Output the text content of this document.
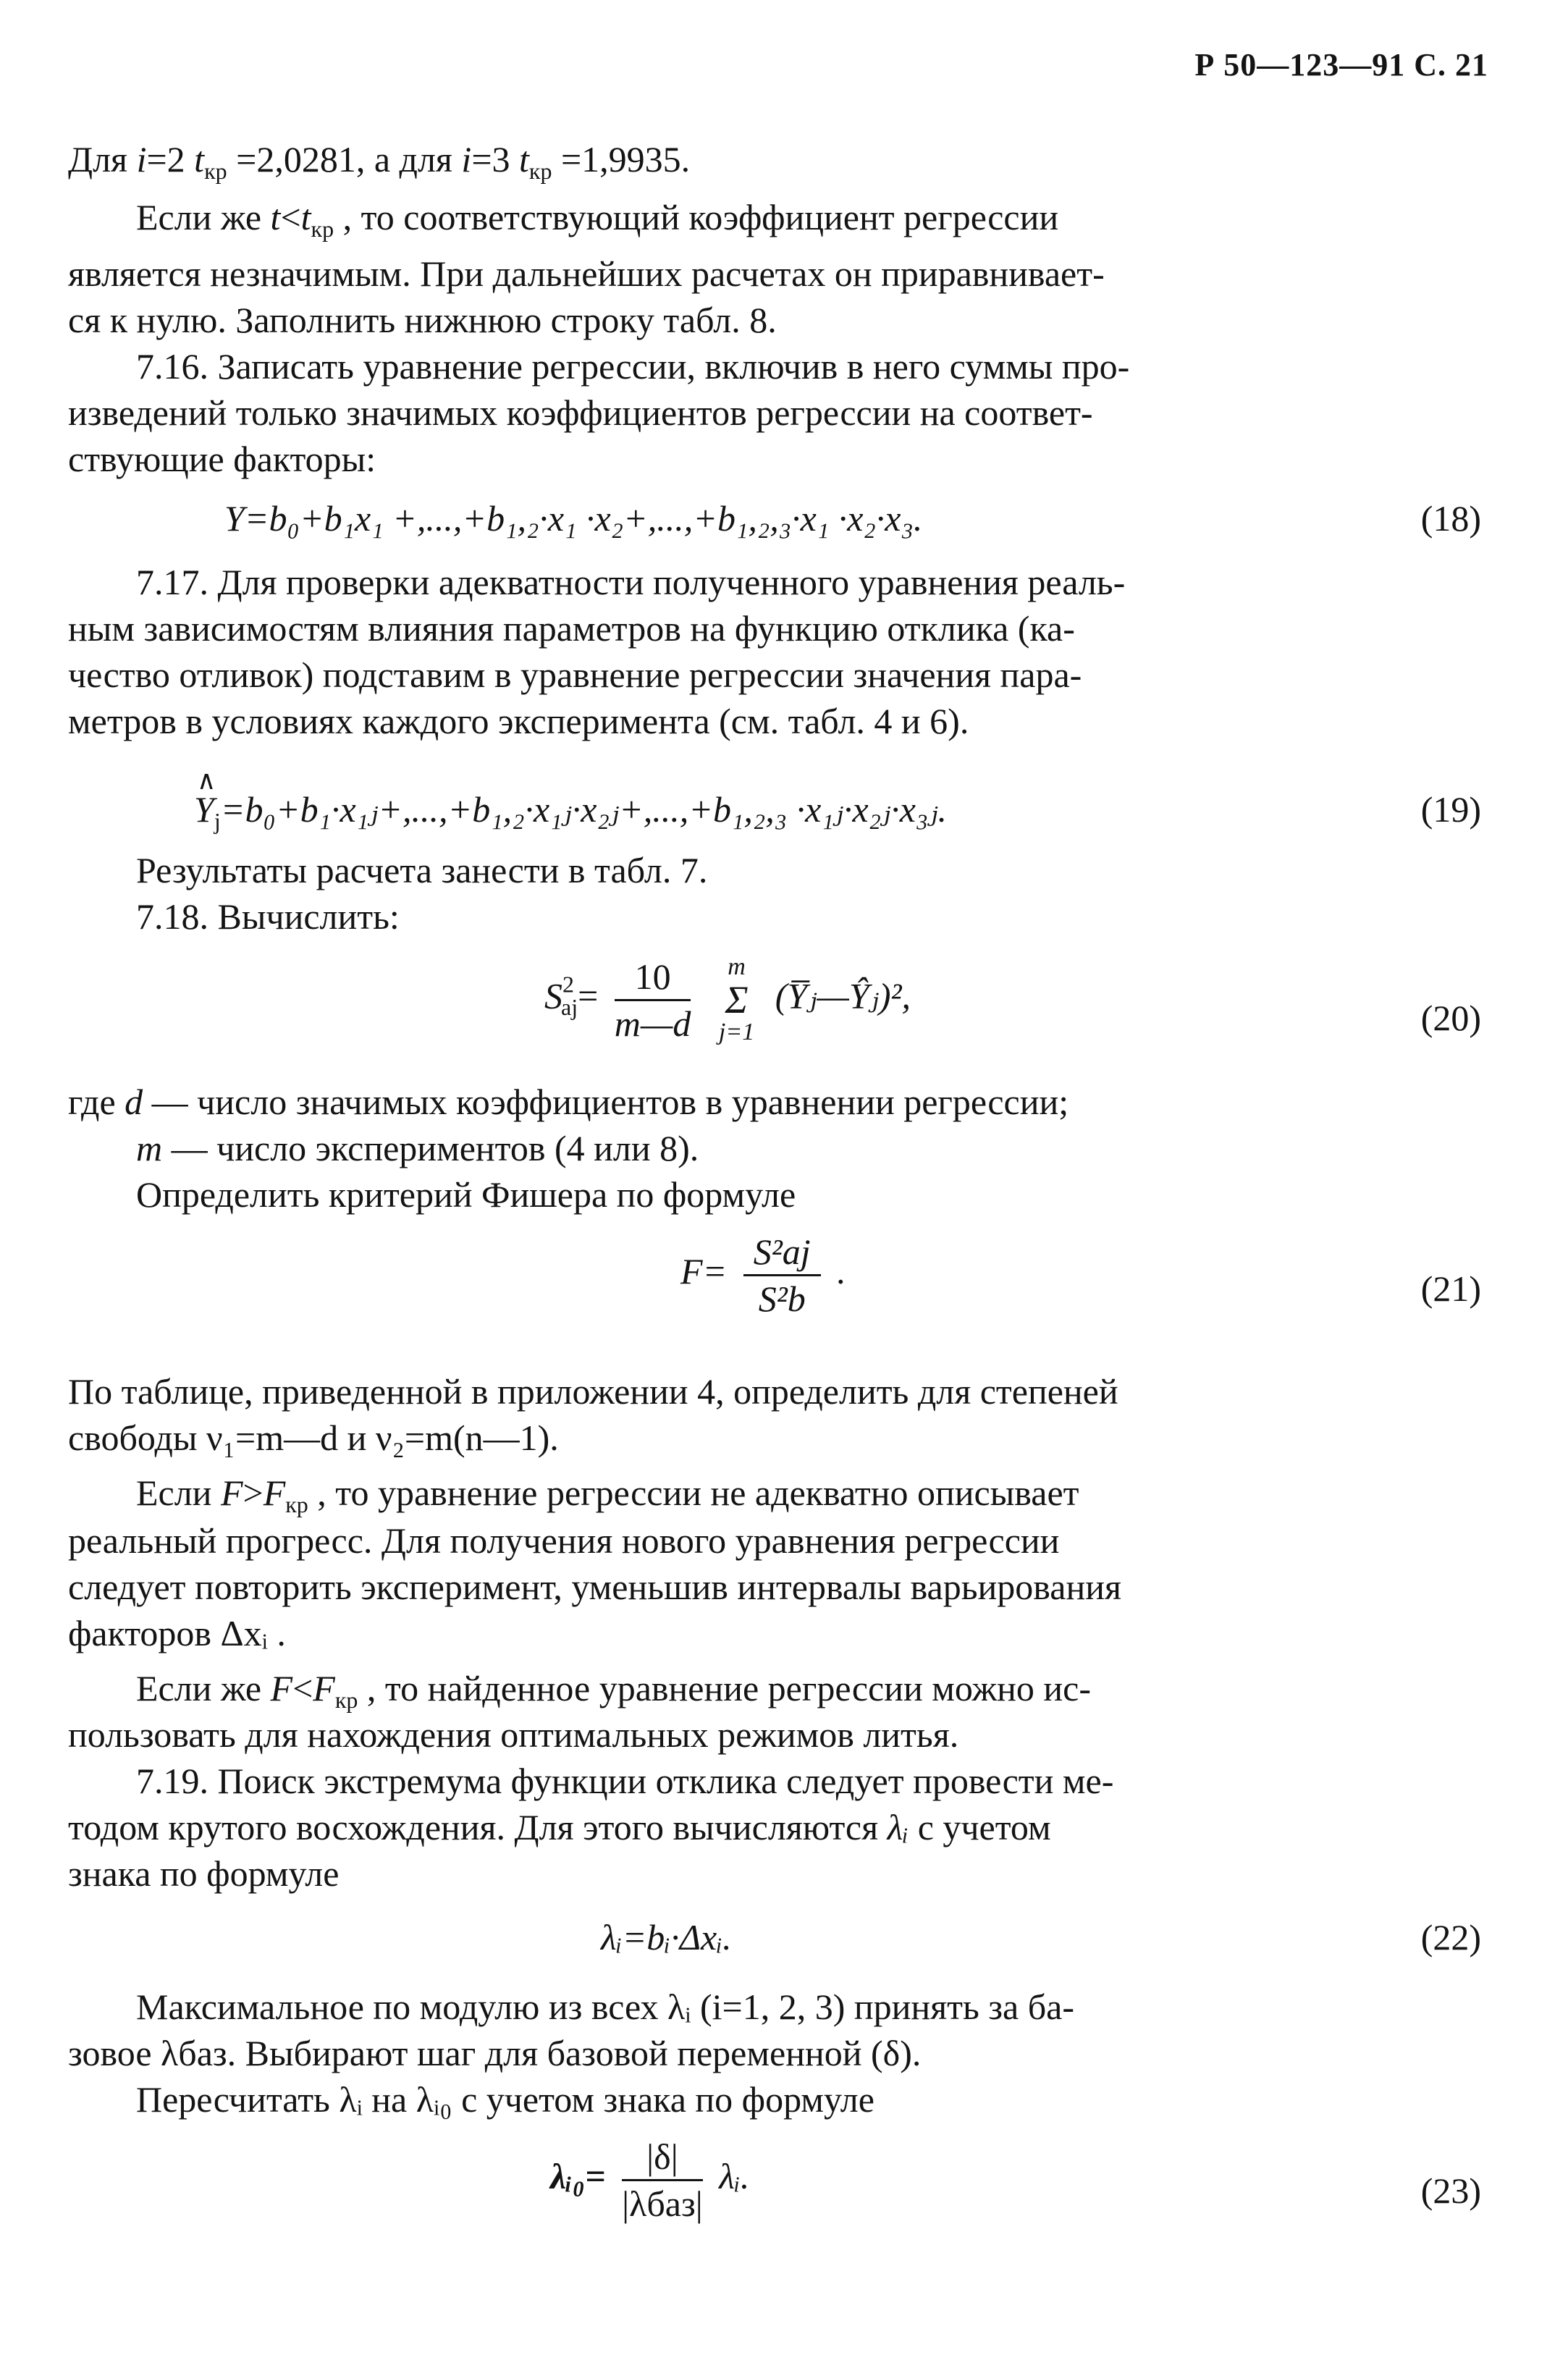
Р 50—123—91 С. 21
Для i=2 $t_{кр} =2,0281$, а для i=3 $t_{кр} =1,9935$.
Если же $t<t_{кр}$ , то соответствующий коэффициент регрессии
является незначимым. При дальнейших расчетах он приравнивает-
ся к нулю. Заполнить нижнюю строку табл. 8.
7.16. Записать уравнение регрессии, включив в него суммы про-
изведений только значимых коэффициентов регрессии на соответ-
ствующие факторы:
Y=b₀+b₁x₁ +,...,+b₁,₂·x₁ ·x₂+,...,+b₁,₂,₃·x₁ ·x₂·x₃.	(18)
7.17. Для проверки адекватности полученного уравнения реаль-
ным зависимостям влияния параметров на функцию отклика (ка-
чество отливок) подставим в уравнение регрессии значения пара-
метров в условиях каждого эксперимента (см. табл. 4 и 6).
∧ $Y_j=b_0+b_1\cdot x_1ⱼ+,...,+b_1,_2\cdot x_1ⱼ\cdot x_2ⱼ+,...,+b_1,_2,_3$ ·x₁ⱼ·x₂ⱼ·x₃ⱼ.	(19)
Результаты расчета занести в табл. 7.
7.18. Вычислить:
$S^2_{aj}= \frac{10}{m—d}$
	m
Σ
j=1
(Y̅ⱼ—Ŷⱼ)²,
(20)
где d — число значимых коэффициентов в уравнении регрессии;
m — число экспериментов (4 или 8).
Определить критерий Фишера по формуле
$F= \frac{\text{S²aj}}{\text{S²b}}$ .	(21)
По таблице, приведенной в приложении 4, определить для степеней
свободы ν₁=m—d и ν₂=m(n—1).
Если $F>F_{кр}$ , то уравнение регрессии не адекватно описывает
реальный прогресс. Для получения нового уравнения регрессии
следует повторить эксперимент, уменьшив интервалы варьирования
факторов Δxᵢ .
Если же $F<F_{кр}$ , то найденное уравнение регрессии можно ис-
пользовать для нахождения оптимальных режимов литья.
7.19. Поиск экстремума функции отклика следует провести ме-
тодом крутого восхождения. Для этого вычисляются λᵢ с учетом
знака по формуле
λᵢ=bᵢ·Δxᵢ.	(22)
Максимальное по модулю из всех λᵢ (i=1, 2, 3) принять за ба-
зовое λбаз. Выбирают шаг для базовой переменной (δ).
Пересчитать λᵢ на λᵢ₀ с учетом знака по формуле
λᵢ₀= $\frac{|\delta|}{\text{|λбаз|}}$ λᵢ.	(23)
